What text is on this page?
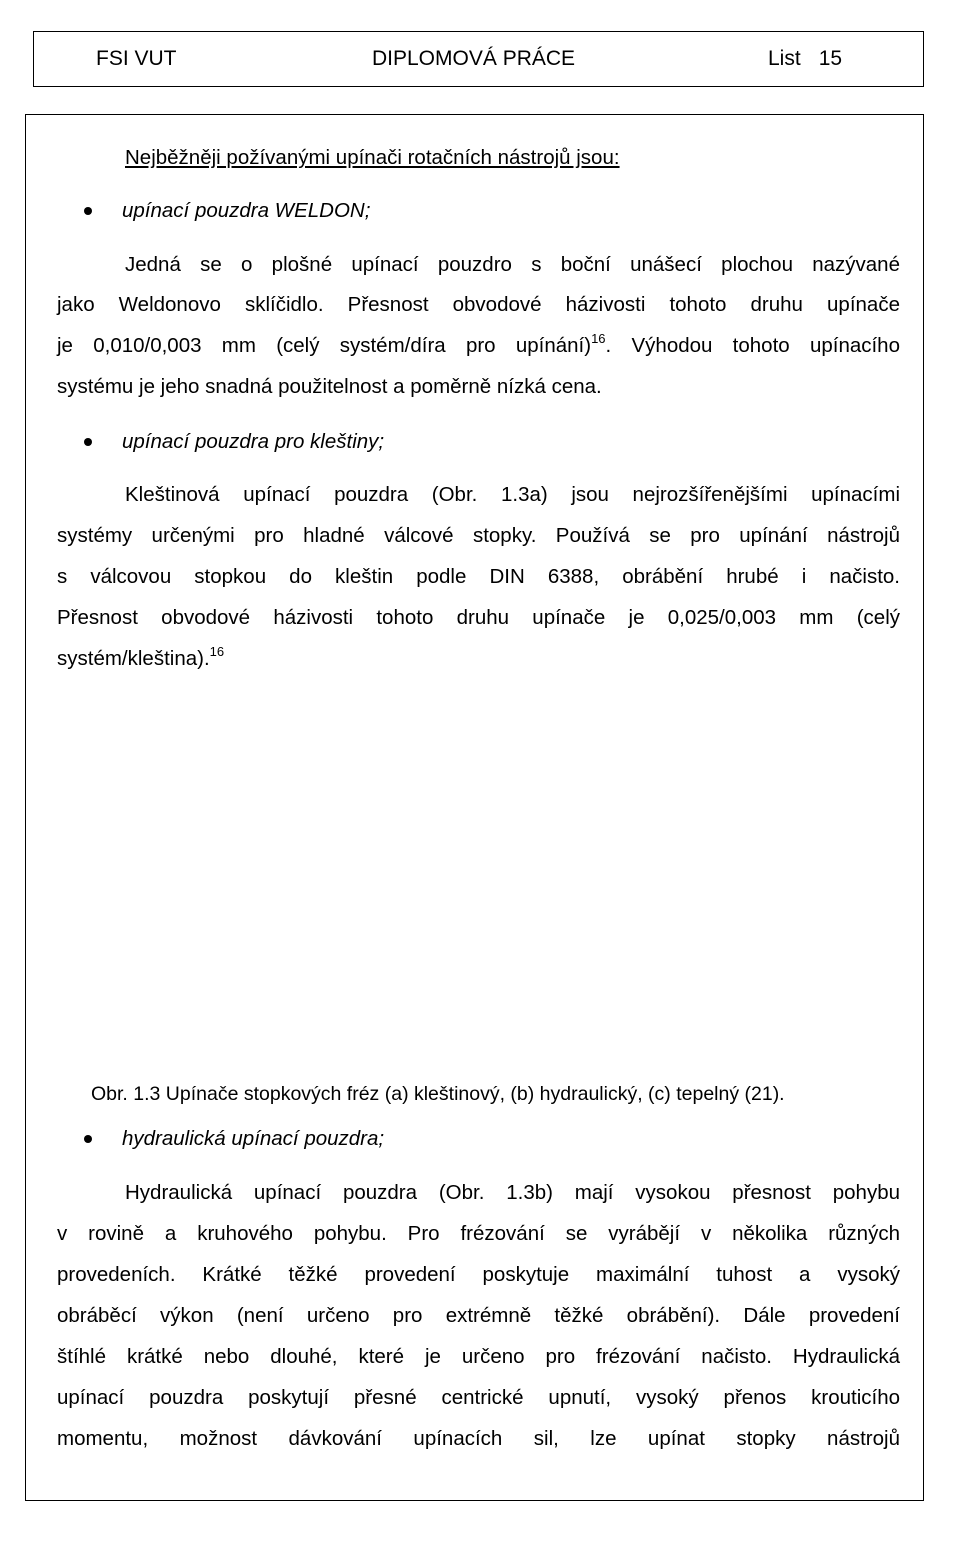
FSI VUT	DIPLOMOVÁ PRÁCE	List 15
Nejběžněji požívanými upínači rotačních nástrojů jsou:
upínací pouzdra WELDON;
Jedná se o plošné upínací pouzdro s boční unášecí plochou nazývané
jako Weldonovo sklíčidlo. Přesnost obvodové házivosti tohoto druhu upínače
je 0,010/0,003 mm (celý systém/díra pro upínání)$^{16}$. Výhodou tohoto upínacího
systému je jeho snadná použitelnost a poměrně nízká cena.
upínací pouzdra pro kleštiny;
Kleštinová upínací pouzdra (Obr. 1.3a) jsou nejrozšířenějšími upínacími
systémy určenými pro hladné válcové stopky. Používá se pro upínání nástrojů
s válcovou stopkou do kleštin podle DIN 6388, obrábění hrubé i načisto.
Přesnost obvodové házivosti tohoto druhu upínače je 0,025/0,003 mm (celý
systém/kleština).$^{16}$
Obr. 1.3 Upínače stopkových fréz (a) kleštinový, (b) hydraulický, (c) tepelný (21).
hydraulická upínací pouzdra;
Hydraulická upínací pouzdra (Obr. 1.3b) mají vysokou přesnost pohybu
v rovině a kruhového pohybu. Pro frézování se vyrábějí v několika různých
provedeních. Krátké těžké provedení poskytuje maximální tuhost a vysoký
obráběcí výkon (není určeno pro extrémně těžké obrábění). Dále provedení
štíhlé krátké nebo dlouhé, které je určeno pro frézování načisto. Hydraulická
upínací pouzdra poskytují přesné centrické upnutí, vysoký přenos krouticího
momentu, možnost dávkování upínacích sil, lze upínat stopky nástrojů
